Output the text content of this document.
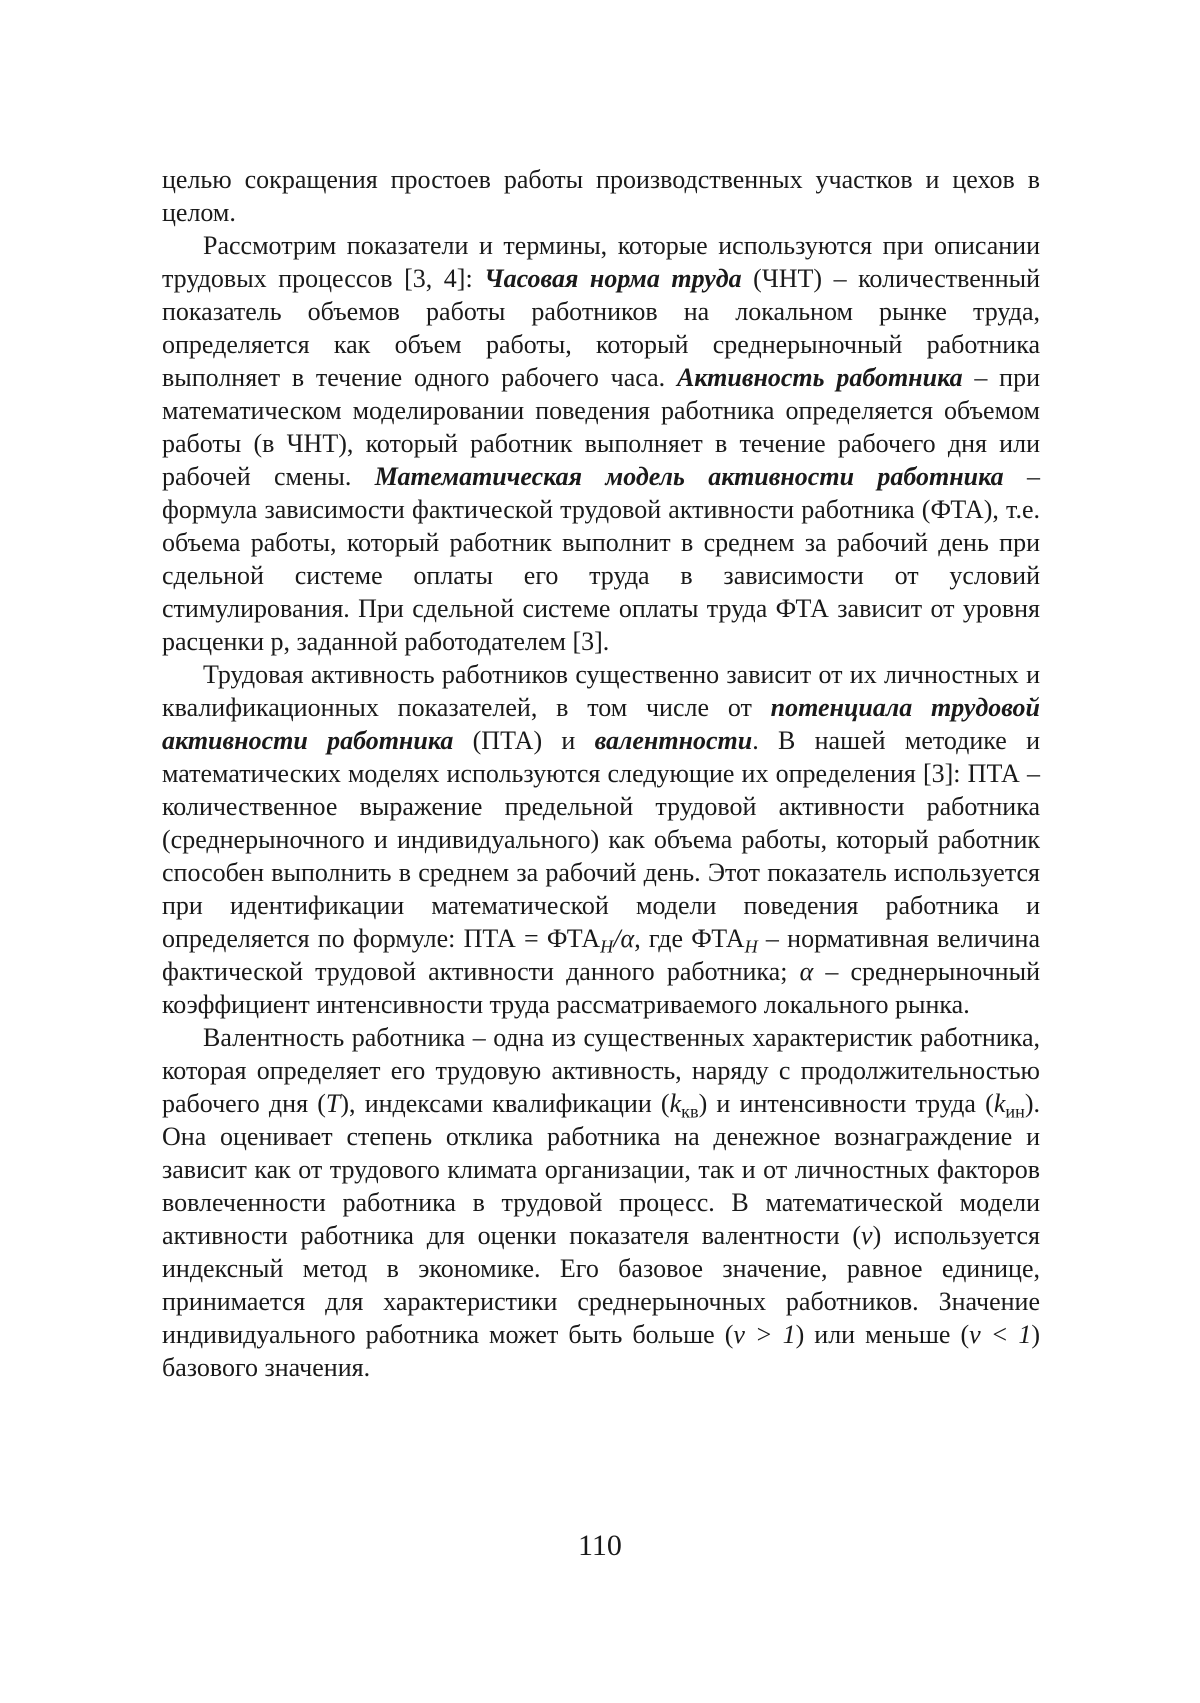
целью сокращения простоев работы производственных участков и цехов в целом.

Рассмотрим показатели и термины, которые используются при описании трудовых процессов [3, 4]: Часовая норма труда (ЧНТ) – количественный показатель объемов работы работников на локальном рынке труда, определяется как объем работы, который среднерыночный работника выполняет в течение одного рабочего часа. Активность работника – при математическом моделировании поведения работника определяется объемом работы (в ЧНТ), который работник выполняет в течение рабочего дня или рабочей смены. Математическая модель активности работника – формула зависимости фактической трудовой активности работника (ФТА), т.е. объема работы, который работник выполнит в среднем за рабочий день при сдельной системе оплаты его труда в зависимости от условий стимулирования. При сдельной системе оплаты труда ФТА зависит от уровня расценки p, заданной работодателем [3].

Трудовая активность работников существенно зависит от их личностных и квалификационных показателей, в том числе от потенциала трудовой активности работника (ПТА) и валентности. В нашей методике и математических моделях используются следующие их определения [3]: ПТА – количественное выражение предельной трудовой активности работника (среднерыночного и индивидуального) как объема работы, который работник способен выполнить в среднем за рабочий день. Этот показатель используется при идентификации математической модели поведения работника и определяется по формуле: ПТА = $ФТА_H/\alpha$, где $ФТА_H$ – нормативная величина фактической трудовой активности данного работника; α – среднерыночный коэффициент интенсивности труда рассматриваемого локального рынка.

Валентность работника – одна из существенных характеристик работника, которая определяет его трудовую активность, наряду с продолжительностью рабочего дня (T), индексами квалификации $(k_{кв})$ и интенсивности труда $(k_{ин})$. Она оценивает степень отклика работника на денежное вознаграждение и зависит как от трудового климата организации, так и от личностных факторов вовлеченности работника в трудовой процесс. В математической модели активности работника для оценки показателя валентности (v) используется индексный метод в экономике. Его базовое значение, равное единице, принимается для характеристики среднерыночных работников. Значение индивидуального работника может быть больше (v > 1) или меньше (v < 1) базового значения.

110
